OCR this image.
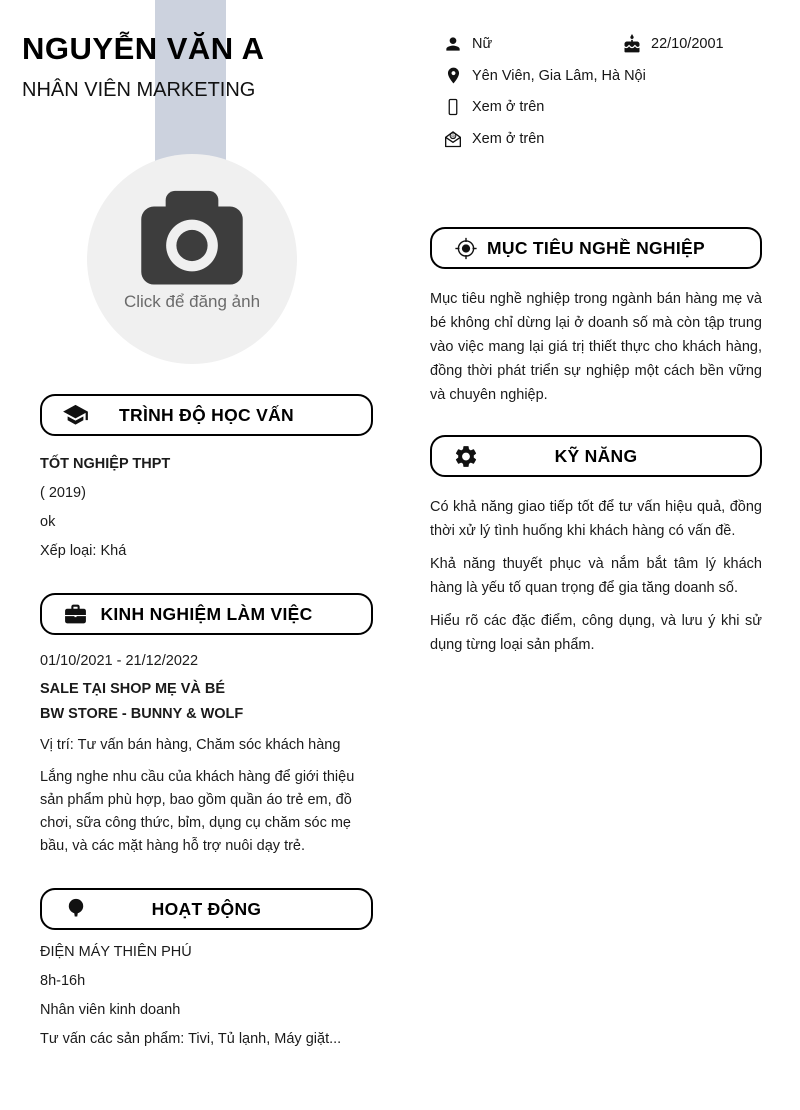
NGUYỄN VĂN A
NHÂN VIÊN MARKETING
Click để đăng ảnh
Nữ	22/10/2001
Yên Viên, Gia Lâm, Hà Nội
Xem ở trên
@ Xem ở trên
TRÌNH ĐỘ HỌC VẤN

TỐT NGHIỆP THPT

( 2019)

ok

Xếp loại: Khá

KINH NGHIỆM LÀM VIỆC

01/10/2021 - 21/12/2022

SALE TẠI SHOP MẸ VÀ BÉ

BW STORE - BUNNY & WOLF

Vị trí: Tư vấn bán hàng, Chăm sóc khách hàng

Lắng nghe nhu cầu của khách hàng để giới thiệu sản phẩm phù hợp, bao gồm quần áo trẻ em, đồ chơi, sữa công thức, bỉm, dụng cụ chăm sóc mẹ bầu, và các mặt hàng hỗ trợ nuôi dạy trẻ.

HOẠT ĐỘNG

ĐIỆN MÁY THIÊN PHÚ

8h-16h

Nhân viên kinh doanh

Tư vấn các sản phẩm: Tivi, Tủ lạnh, Máy giặt...

MỤC TIÊU NGHỀ NGHIỆP

Mục tiêu nghề nghiệp trong ngành bán hàng mẹ và bé không chỉ dừng lại ở doanh số mà còn tập trung vào việc mang lại giá trị thiết thực cho khách hàng, đồng thời phát triển sự nghiệp một cách bền vững và chuyên nghiệp.

KỸ NĂNG

Có khả năng giao tiếp tốt để tư vấn hiệu quả, đồng thời xử lý tình huống khi khách hàng có vấn đề.

Khả năng thuyết phục và nắm bắt tâm lý khách hàng là yếu tố quan trọng để gia tăng doanh số.

Hiểu rõ các đặc điểm, công dụng, và lưu ý khi sử dụng từng loại sản phẩm.
